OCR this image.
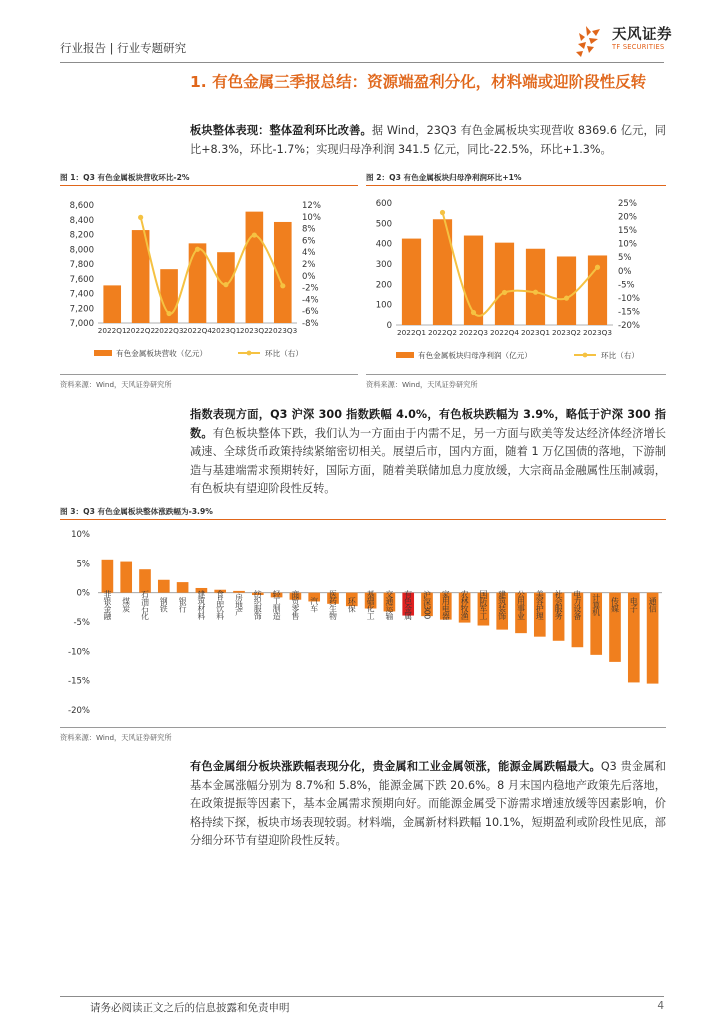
行业报告 | 行业专题研究
天风证券
TF SECURITIES
1. 有色金属三季报总结：资源端盈利分化，材料端或迎阶段性反转
板块整体表现：整体盈利环比改善。据 Wind，23Q3 有色金属板块实现营收 8369.6 亿元，同比+8.3%，环比-1.7%；实现归母净利润 341.5 亿元，同比-22.5%，环比+1.3%。
图 1：Q3 有色金属板块营收环比-2%	图 2：Q3 有色金属板块归母净利润环比+1%
7,000
7,200
7,400
7,600
7,800
8,000
8,200
8,400
8,600
-8%
-6%
-4%
-2%
0%
2%
4%
6%
8%
10%
12%
2022Q1 2022Q2 2022Q3 2022Q4 2023Q1 2023Q2 2023Q3
有色金属板块营收（亿元）	环比（右）
0
100
200
300
400
500
600
-20%
-15%
-10%
-5%
0%
5%
10%
15%
20%
25%
2022Q1 2022Q2 2022Q3 2022Q4 2023Q1 2023Q2 2023Q3
有色金属板块归母净利润（亿元）	环比（右）
资料来源：Wind，天风证券研究所	资料来源：Wind，天风证券研究所
指数表现方面，Q3 沪深 300 指数跌幅 4.0%，有色板块跌幅为 3.9%，略低于沪深 300 指数。有色板块整体下跌，我们认为一方面由于内需不足，另一方面与欧美等发达经济体经济增长减速、全球货币政策持续紧缩密切相关。展望后市，国内方面，随着 1 万亿国债的落地，下游制造与基建端需求预期转好，国际方面，随着美联储加息力度放缓，大宗商品金融属性压制减弱，有色板块有望迎阶段性反转。
图 3：Q3 有色金属板块整体涨跌幅为-3.9%
-20%
-15%
-10%
-5%
0%
5%
10%
非银金融 煤炭 石油石化 钢铁 银行 建筑材料 食品饮料 房地产 纺织服饰 轻工制造 商贸零售 汽车 医药生物 环保 基础化工 交通运输 有色金属 沪深300 家用电器 农林牧渔 国防军工 建筑装饰 公用事业 美容护理 社会服务 电力设备 计算机 传媒 电子 通信
资料来源：Wind，天风证券研究所
有色金属细分板块涨跌幅表现分化，贵金属和工业金属领涨，能源金属跌幅最大。Q3 贵金属和基本金属涨幅分别为 8.7%和 5.8%，能源金属下跌 20.6%。8 月末国内稳地产政策先后落地，在政策提振等因素下，基本金属需求预期向好。而能源金属受下游需求增速放缓等因素影响，价格持续下探，板块市场表现较弱。材料端，金属新材料跌幅 10.1%，短期盈利或阶段性见底，部分细分环节有望迎阶段性反转。
请务必阅读正文之后的信息披露和免责申明	4
